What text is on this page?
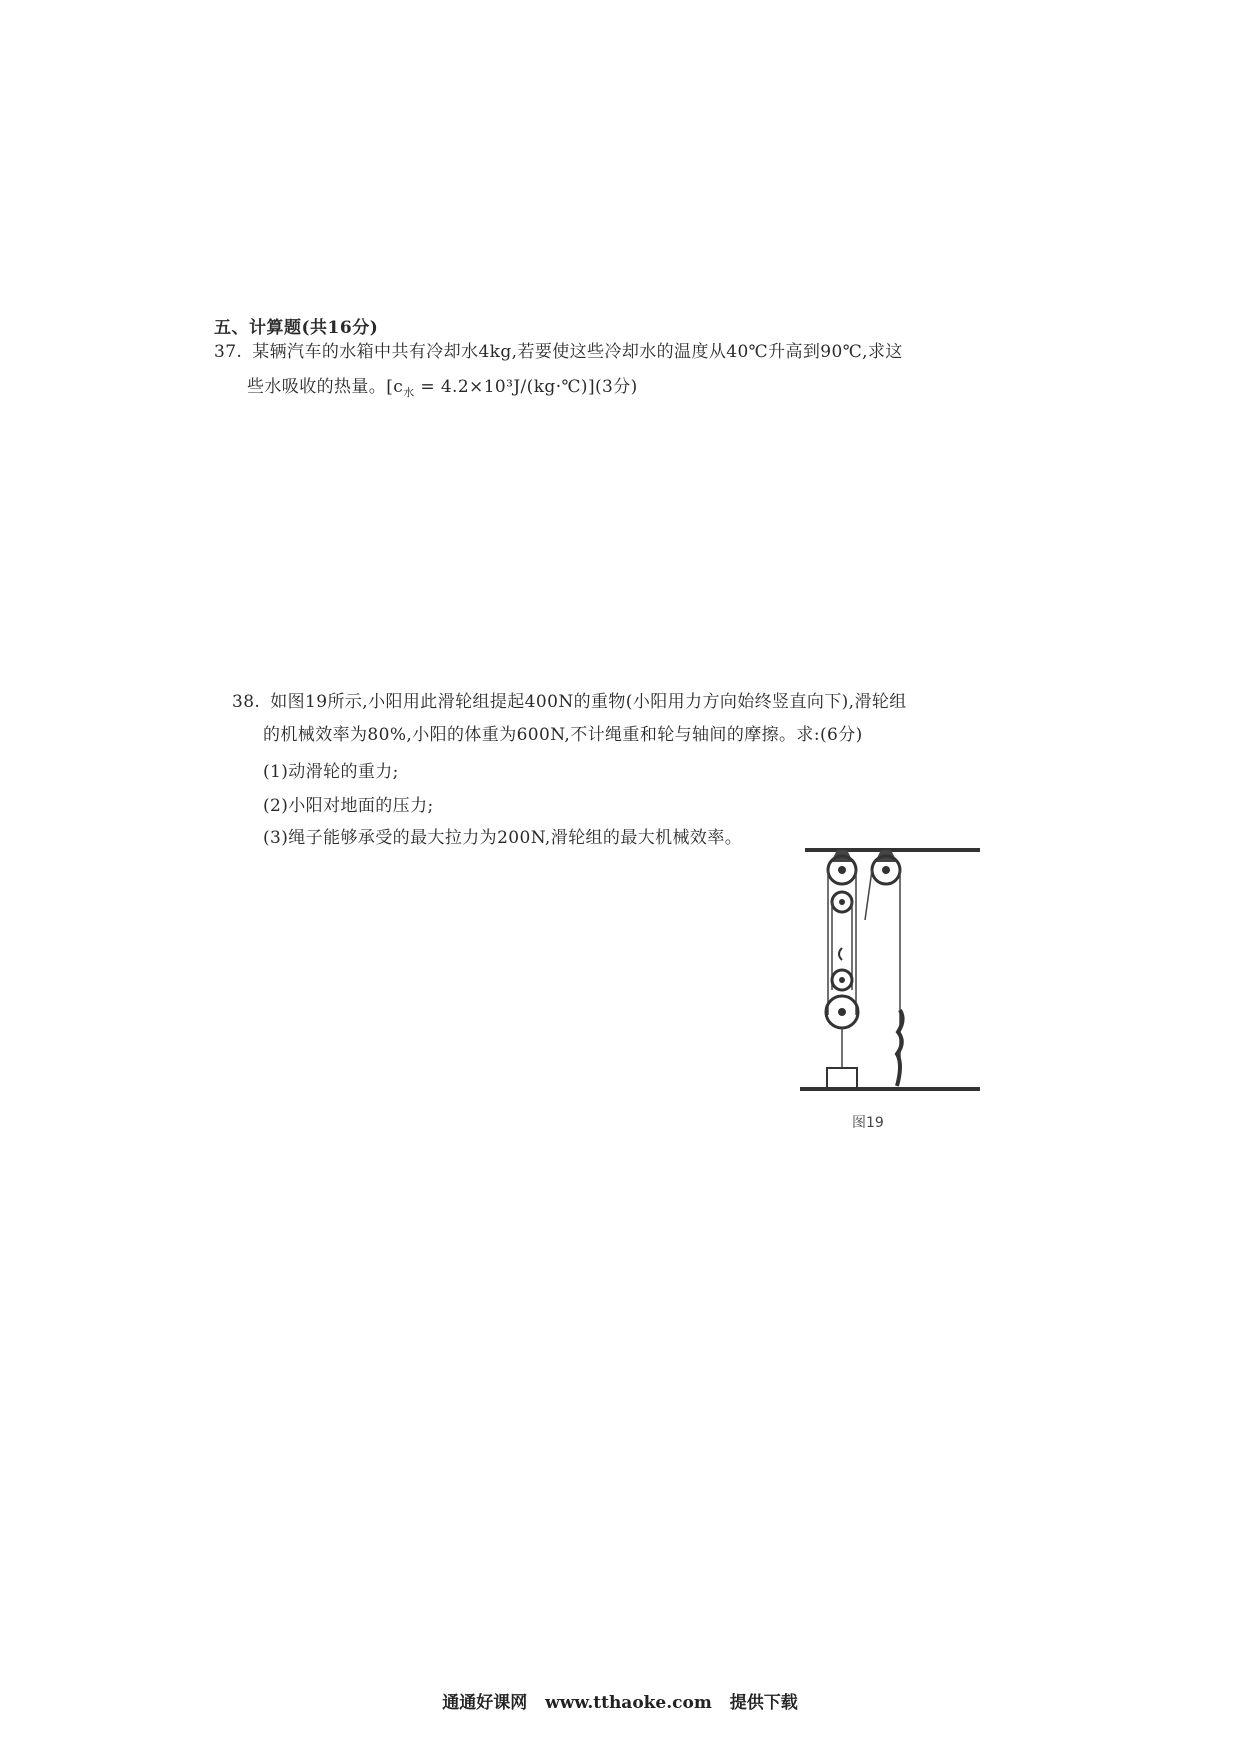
五、计算题(共16分)
37. 某辆汽车的水箱中共有冷却水4kg,若要使这些冷却水的温度从40℃升高到90℃,求这
些水吸收的热量。[$c_水$ = 4.2×10³J/(kg·℃)](3分)
38. 如图19所示,小阳用此滑轮组提起400N的重物(小阳用力方向始终竖直向下),滑轮组
的机械效率为80%,小阳的体重为600N,不计绳重和轮与轴间的摩擦。求:(6分)
(1)动滑轮的重力;
(2)小阳对地面的压力;
(3)绳子能够承受的最大拉力为200N,滑轮组的最大机械效率。
图19
通通好课网 www.tthaoke.com 提供下载
